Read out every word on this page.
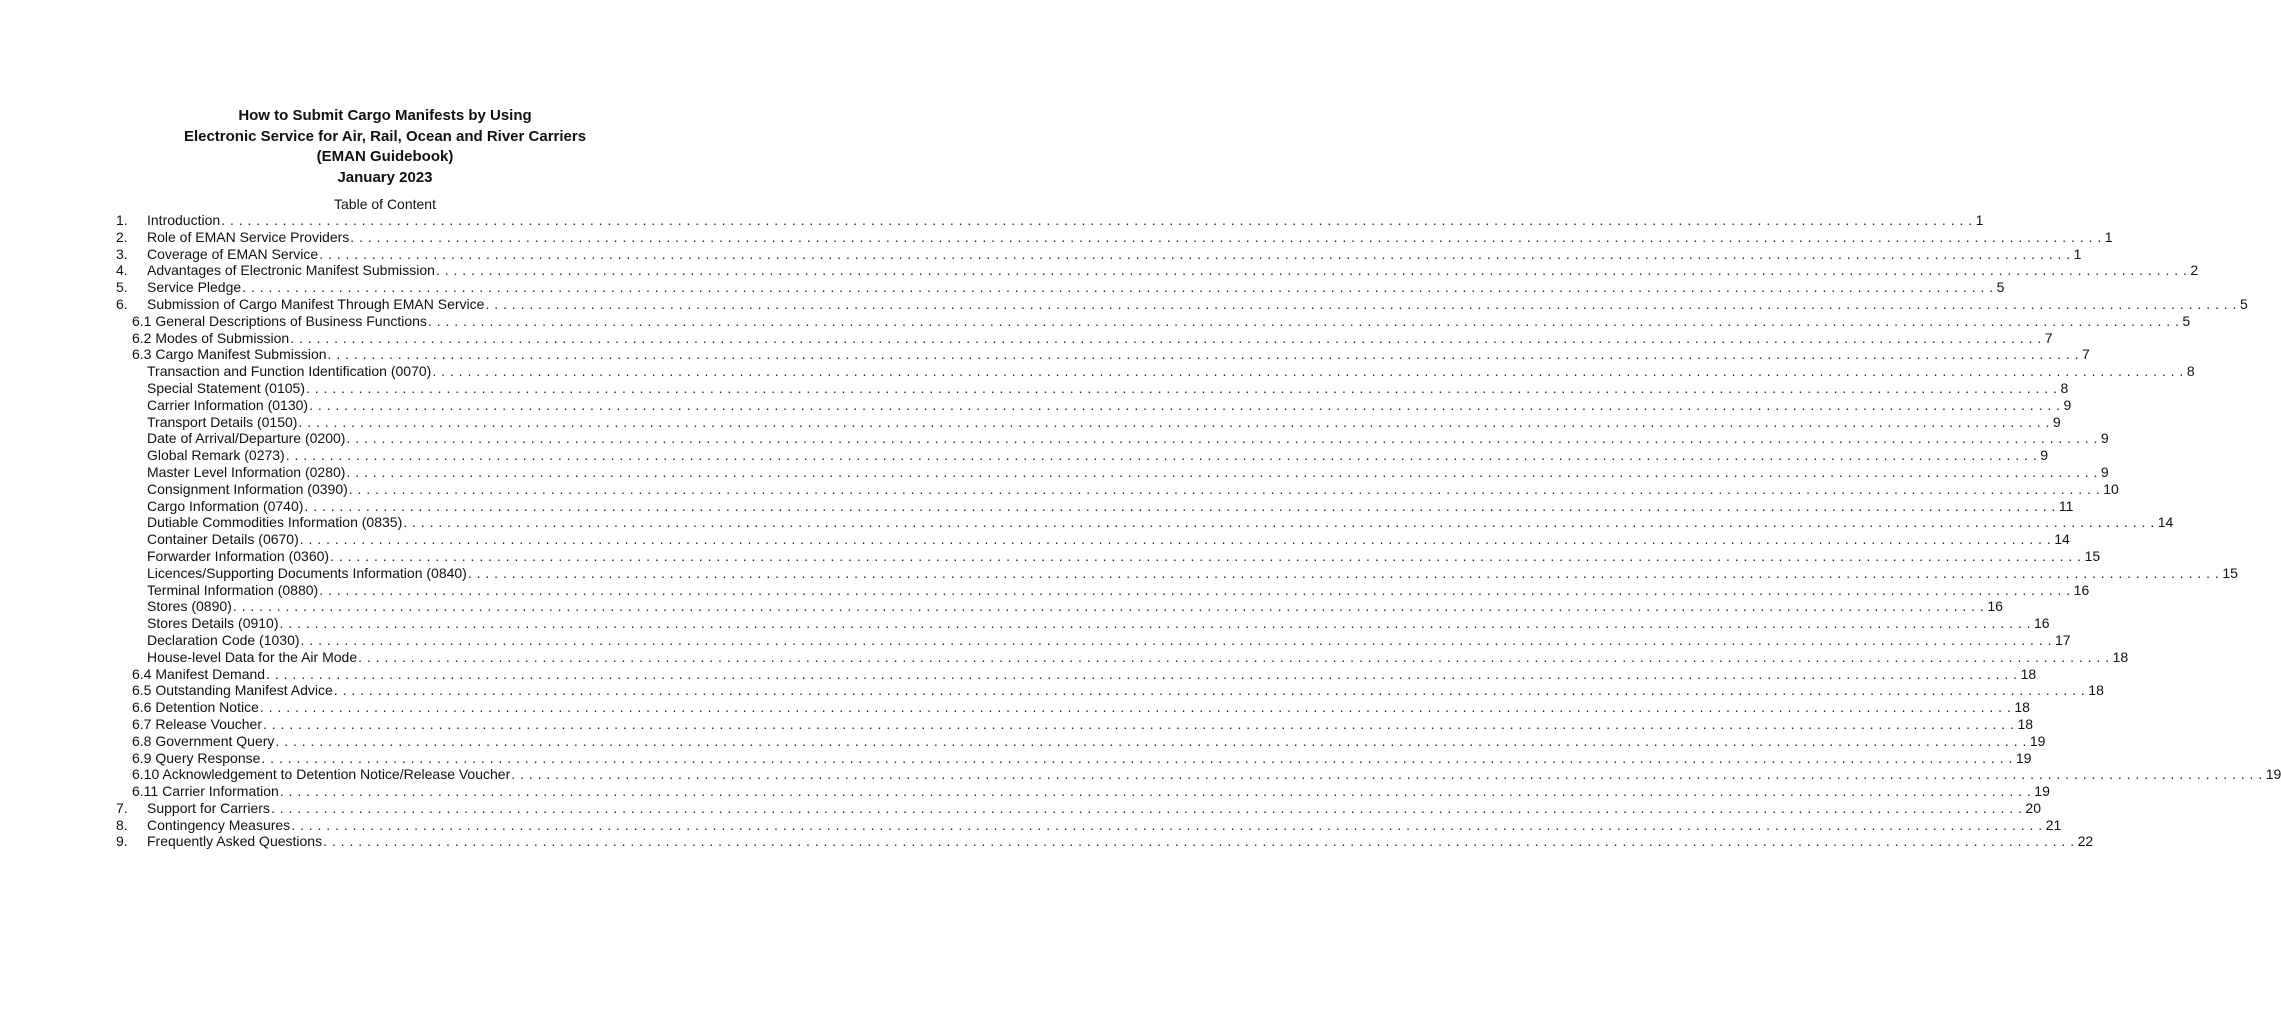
How to Submit Cargo Manifests by Using
Electronic Service for Air, Rail, Ocean and River Carriers
(EMAN Guidebook)
January 2023
Table of Content
1. Introduction . . . . . . . . . . . . . . . . . . . . . . . . . . . . . . . . . . . . . . . . . . . . . . . . . . . . . . . . . . . . . . . . . . . . . . . . . . . . . . . . . . . . . . . . . . . . . . . . . . . . . . . . . . . . . . . . . . . . . . . . . . . . . . . . . . . . . . . . . . . . . . . . . . . . . . . . . . . . . . . . . . . . . . . . . . . . . . . . . . . . . . . . . . . . . . . . . . . . . . . . 1
2. Role of EMAN Service Providers . . . . . . . . . . . . . . . . . . . . . . . . . . . . . . . . . . . . . . . . . . . . . . . . . . . . . . . . . . . . . . . . . . . . . . . . . . . . . . . . . . . . . . . . . . . . . . . . . . . . . . . . . . . . . . . . . . . . . . . . . . . . . . . . . . . . . . . . . . . . . . . . . . . . . . . . . . . . . . . . . . . . . . . . . . . . . . . . . . . . . . . . . . . . . . . . . . . . . . . . 1
3. Coverage of EMAN Service . . . . . . . . . . . . . . . . . . . . . . . . . . . . . . . . . . . . . . . . . . . . . . . . . . . . . . . . . . . . . . . . . . . . . . . . . . . . . . . . . . . . . . . . . . . . . . . . . . . . . . . . . . . . . . . . . . . . . . . . . . . . . . . . . . . . . . . . . . . . . . . . . . . . . . . . . . . . . . . . . . . . . . . . . . . . . . . . . . . . . . . . . . . . . . . . . . . . . . . . 1
4. Advantages of Electronic Manifest Submission . . . . . . . . . . . . . . . . . . . . . . . . . . . . . . . . . . . . . . . . . . . . . . . . . . . . . . . . . . . . . . . . . . . . . . . . . . . . . . . . . . . . . . . . . . . . . . . . . . . . . . . . . . . . . . . . . . . . . . . . . . . . . . . . . . . . . . . . . . . . . . . . . . . . . . . . . . . . . . . . . . . . . . . . . . . . . . . . . . . . . . . . . . . . . . . . . . . . . . . . 2
5. Service Pledge . . . . . . . . . . . . . . . . . . . . . . . . . . . . . . . . . . . . . . . . . . . . . . . . . . . . . . . . . . . . . . . . . . . . . . . . . . . . . . . . . . . . . . . . . . . . . . . . . . . . . . . . . . . . . . . . . . . . . . . . . . . . . . . . . . . . . . . . . . . . . . . . . . . . . . . . . . . . . . . . . . . . . . . . . . . . . . . . . . . . . . . . . . . . . . . . . . . . . . . . 5
6. Submission of Cargo Manifest Through EMAN Service . . . . . . . . . . . . . . . . . . . . . . . . . . . . . . . . . . . . . . . . . . . . . . . . . . . . . . . . . . . . . . . . . . . . . . . . . . . . . . . . . . . . . . . . . . . . . . . . . . . . . . . . . . . . . . . . . . . . . . . . . . . . . . . . . . . . . . . . . . . . . . . . . . . . . . . . . . . . . . . . . . . . . . . . . . . . . . . . . . . . . . . . . . . . . . . . . . . . . . . . 5
6.1 General Descriptions of Business Functions . . . . . . . . . . . . . . . . . . . . . . . . . . . . . . . . . . . . . . . . . . . . . . . . . . . . . . . . . . . . . . . . . . . . . . . . . . . . . . . . . . . . . . . . . . . . . . . . . . . . . . . . . . . . . . . . . . . . . . . . . . . . . . . . . . . . . . . . . . . . . . . . . . . . . . . . . . . . . . . . . . . . . . . . . . . . . . . . . . . . . . . . . . . . . . . . . . . . . . . . 5
6.2 Modes of Submission . . . . . . . . . . . . . . . . . . . . . . . . . . . . . . . . . . . . . . . . . . . . . . . . . . . . . . . . . . . . . . . . . . . . . . . . . . . . . . . . . . . . . . . . . . . . . . . . . . . . . . . . . . . . . . . . . . . . . . . . . . . . . . . . . . . . . . . . . . . . . . . . . . . . . . . . . . . . . . . . . . . . . . . . . . . . . . . . . . . . . . . . . . . . . . . . . . . . . . . . 7
6.3 Cargo Manifest Submission . . . . . . . . . . . . . . . . . . . . . . . . . . . . . . . . . . . . . . . . . . . . . . . . . . . . . . . . . . . . . . . . . . . . . . . . . . . . . . . . . . . . . . . . . . . . . . . . . . . . . . . . . . . . . . . . . . . . . . . . . . . . . . . . . . . . . . . . . . . . . . . . . . . . . . . . . . . . . . . . . . . . . . . . . . . . . . . . . . . . . . . . . . . . . . . . . . . . . . . . 7
Transaction and Function Identification (0070) . . . . . . . . . . . . . . . . . . . . . . . . . . . . . . . . . . . . . . . . . . . . . . . . . . . . . . . . . . . . . . . . . . . . . . . . . . . . . . . . . . . . . . . . . . . . . . . . . . . . . . . . . . . . . . . . . . . . . . . . . . . . . . . . . . . . . . . . . . . . . . . . . . . . . . . . . . . . . . . . . . . . . . . . . . . . . . . . . . . . . . . . . . . . . . . . . . . . . . . . 8
Special Statement (0105) . . . . . . . . . . . . . . . . . . . . . . . . . . . . . . . . . . . . . . . . . . . . . . . . . . . . . . . . . . . . . . . . . . . . . . . . . . . . . . . . . . . . . . . . . . . . . . . . . . . . . . . . . . . . . . . . . . . . . . . . . . . . . . . . . . . . . . . . . . . . . . . . . . . . . . . . . . . . . . . . . . . . . . . . . . . . . . . . . . . . . . . . . . . . . . . . . . . . . . . . 8
Carrier Information (0130) . . . . . . . . . . . . . . . . . . . . . . . . . . . . . . . . . . . . . . . . . . . . . . . . . . . . . . . . . . . . . . . . . . . . . . . . . . . . . . . . . . . . . . . . . . . . . . . . . . . . . . . . . . . . . . . . . . . . . . . . . . . . . . . . . . . . . . . . . . . . . . . . . . . . . . . . . . . . . . . . . . . . . . . . . . . . . . . . . . . . . . . . . . . . . . . . . . . . . . . . 9
Transport Details (0150) . . . . . . . . . . . . . . . . . . . . . . . . . . . . . . . . . . . . . . . . . . . . . . . . . . . . . . . . . . . . . . . . . . . . . . . . . . . . . . . . . . . . . . . . . . . . . . . . . . . . . . . . . . . . . . . . . . . . . . . . . . . . . . . . . . . . . . . . . . . . . . . . . . . . . . . . . . . . . . . . . . . . . . . . . . . . . . . . . . . . . . . . . . . . . . . . . . . . . . . . 9
Date of Arrival/Departure (0200) . . . . . . . . . . . . . . . . . . . . . . . . . . . . . . . . . . . . . . . . . . . . . . . . . . . . . . . . . . . . . . . . . . . . . . . . . . . . . . . . . . . . . . . . . . . . . . . . . . . . . . . . . . . . . . . . . . . . . . . . . . . . . . . . . . . . . . . . . . . . . . . . . . . . . . . . . . . . . . . . . . . . . . . . . . . . . . . . . . . . . . . . . . . . . . . . . . . . . . . . 9
Global Remark (0273) . . . . . . . . . . . . . . . . . . . . . . . . . . . . . . . . . . . . . . . . . . . . . . . . . . . . . . . . . . . . . . . . . . . . . . . . . . . . . . . . . . . . . . . . . . . . . . . . . . . . . . . . . . . . . . . . . . . . . . . . . . . . . . . . . . . . . . . . . . . . . . . . . . . . . . . . . . . . . . . . . . . . . . . . . . . . . . . . . . . . . . . . . . . . . . . . . . . . . . . . 9
Master Level Information (0280) . . . . . . . . . . . . . . . . . . . . . . . . . . . . . . . . . . . . . . . . . . . . . . . . . . . . . . . . . . . . . . . . . . . . . . . . . . . . . . . . . . . . . . . . . . . . . . . . . . . . . . . . . . . . . . . . . . . . . . . . . . . . . . . . . . . . . . . . . . . . . . . . . . . . . . . . . . . . . . . . . . . . . . . . . . . . . . . . . . . . . . . . . . . . . . . . . . . . . . . . 9
Consignment Information (0390) . . . . . . . . . . . . . . . . . . . . . . . . . . . . . . . . . . . . . . . . . . . . . . . . . . . . . . . . . . . . . . . . . . . . . . . . . . . . . . . . . . . . . . . . . . . . . . . . . . . . . . . . . . . . . . . . . . . . . . . . . . . . . . . . . . . . . . . . . . . . . . . . . . . . . . . . . . . . . . . . . . . . . . . . . . . . . . . . . . . . . . . . . . . . . . . . . . . . . . . . 10
Cargo Information (0740) . . . . . . . . . . . . . . . . . . . . . . . . . . . . . . . . . . . . . . . . . . . . . . . . . . . . . . . . . . . . . . . . . . . . . . . . . . . . . . . . . . . . . . . . . . . . . . . . . . . . . . . . . . . . . . . . . . . . . . . . . . . . . . . . . . . . . . . . . . . . . . . . . . . . . . . . . . . . . . . . . . . . . . . . . . . . . . . . . . . . . . . . . . . . . . . . . . . . . . . . 11
Dutiable Commodities Information (0835) . . . . . . . . . . . . . . . . . . . . . . . . . . . . . . . . . . . . . . . . . . . . . . . . . . . . . . . . . . . . . . . . . . . . . . . . . . . . . . . . . . . . . . . . . . . . . . . . . . . . . . . . . . . . . . . . . . . . . . . . . . . . . . . . . . . . . . . . . . . . . . . . . . . . . . . . . . . . . . . . . . . . . . . . . . . . . . . . . . . . . . . . . . . . . . . . . . . . . . . . 14
Container Details (0670) . . . . . . . . . . . . . . . . . . . . . . . . . . . . . . . . . . . . . . . . . . . . . . . . . . . . . . . . . . . . . . . . . . . . . . . . . . . . . . . . . . . . . . . . . . . . . . . . . . . . . . . . . . . . . . . . . . . . . . . . . . . . . . . . . . . . . . . . . . . . . . . . . . . . . . . . . . . . . . . . . . . . . . . . . . . . . . . . . . . . . . . . . . . . . . . . . . . . . . . . 14
Forwarder Information (0360) . . . . . . . . . . . . . . . . . . . . . . . . . . . . . . . . . . . . . . . . . . . . . . . . . . . . . . . . . . . . . . . . . . . . . . . . . . . . . . . . . . . . . . . . . . . . . . . . . . . . . . . . . . . . . . . . . . . . . . . . . . . . . . . . . . . . . . . . . . . . . . . . . . . . . . . . . . . . . . . . . . . . . . . . . . . . . . . . . . . . . . . . . . . . . . . . . . . . . . . . 15
Licences/Supporting Documents Information (0840) . . . . . . . . . . . . . . . . . . . . . . . . . . . . . . . . . . . . . . . . . . . . . . . . . . . . . . . . . . . . . . . . . . . . . . . . . . . . . . . . . . . . . . . . . . . . . . . . . . . . . . . . . . . . . . . . . . . . . . . . . . . . . . . . . . . . . . . . . . . . . . . . . . . . . . . . . . . . . . . . . . . . . . . . . . . . . . . . . . . . . . . . . . . . . . . . . . . . . . . . 15
Terminal Information (0880) . . . . . . . . . . . . . . . . . . . . . . . . . . . . . . . . . . . . . . . . . . . . . . . . . . . . . . . . . . . . . . . . . . . . . . . . . . . . . . . . . . . . . . . . . . . . . . . . . . . . . . . . . . . . . . . . . . . . . . . . . . . . . . . . . . . . . . . . . . . . . . . . . . . . . . . . . . . . . . . . . . . . . . . . . . . . . . . . . . . . . . . . . . . . . . . . . . . . . . . . 16
Stores (0890) . . . . . . . . . . . . . . . . . . . . . . . . . . . . . . . . . . . . . . . . . . . . . . . . . . . . . . . . . . . . . . . . . . . . . . . . . . . . . . . . . . . . . . . . . . . . . . . . . . . . . . . . . . . . . . . . . . . . . . . . . . . . . . . . . . . . . . . . . . . . . . . . . . . . . . . . . . . . . . . . . . . . . . . . . . . . . . . . . . . . . . . . . . . . . . . . . . . . . . . . 16
Stores Details (0910) . . . . . . . . . . . . . . . . . . . . . . . . . . . . . . . . . . . . . . . . . . . . . . . . . . . . . . . . . . . . . . . . . . . . . . . . . . . . . . . . . . . . . . . . . . . . . . . . . . . . . . . . . . . . . . . . . . . . . . . . . . . . . . . . . . . . . . . . . . . . . . . . . . . . . . . . . . . . . . . . . . . . . . . . . . . . . . . . . . . . . . . . . . . . . . . . . . . . . . . . 16
Declaration Code (1030) . . . . . . . . . . . . . . . . . . . . . . . . . . . . . . . . . . . . . . . . . . . . . . . . . . . . . . . . . . . . . . . . . . . . . . . . . . . . . . . . . . . . . . . . . . . . . . . . . . . . . . . . . . . . . . . . . . . . . . . . . . . . . . . . . . . . . . . . . . . . . . . . . . . . . . . . . . . . . . . . . . . . . . . . . . . . . . . . . . . . . . . . . . . . . . . . . . . . . . . . 17
House-level Data for the Air Mode . . . . . . . . . . . . . . . . . . . . . . . . . . . . . . . . . . . . . . . . . . . . . . . . . . . . . . . . . . . . . . . . . . . . . . . . . . . . . . . . . . . . . . . . . . . . . . . . . . . . . . . . . . . . . . . . . . . . . . . . . . . . . . . . . . . . . . . . . . . . . . . . . . . . . . . . . . . . . . . . . . . . . . . . . . . . . . . . . . . . . . . . . . . . . . . . . . . . . . . . 18
6.4 Manifest Demand . . . . . . . . . . . . . . . . . . . . . . . . . . . . . . . . . . . . . . . . . . . . . . . . . . . . . . . . . . . . . . . . . . . . . . . . . . . . . . . . . . . . . . . . . . . . . . . . . . . . . . . . . . . . . . . . . . . . . . . . . . . . . . . . . . . . . . . . . . . . . . . . . . . . . . . . . . . . . . . . . . . . . . . . . . . . . . . . . . . . . . . . . . . . . . . . . . . . . . . . 18
6.5 Outstanding Manifest Advice . . . . . . . . . . . . . . . . . . . . . . . . . . . . . . . . . . . . . . . . . . . . . . . . . . . . . . . . . . . . . . . . . . . . . . . . . . . . . . . . . . . . . . . . . . . . . . . . . . . . . . . . . . . . . . . . . . . . . . . . . . . . . . . . . . . . . . . . . . . . . . . . . . . . . . . . . . . . . . . . . . . . . . . . . . . . . . . . . . . . . . . . . . . . . . . . . . . . . . . . 18
6.6 Detention Notice . . . . . . . . . . . . . . . . . . . . . . . . . . . . . . . . . . . . . . . . . . . . . . . . . . . . . . . . . . . . . . . . . . . . . . . . . . . . . . . . . . . . . . . . . . . . . . . . . . . . . . . . . . . . . . . . . . . . . . . . . . . . . . . . . . . . . . . . . . . . . . . . . . . . . . . . . . . . . . . . . . . . . . . . . . . . . . . . . . . . . . . . . . . . . . . . . . . . . . . . 18
6.7 Release Voucher . . . . . . . . . . . . . . . . . . . . . . . . . . . . . . . . . . . . . . . . . . . . . . . . . . . . . . . . . . . . . . . . . . . . . . . . . . . . . . . . . . . . . . . . . . . . . . . . . . . . . . . . . . . . . . . . . . . . . . . . . . . . . . . . . . . . . . . . . . . . . . . . . . . . . . . . . . . . . . . . . . . . . . . . . . . . . . . . . . . . . . . . . . . . . . . . . . . . . . . . 18
6.8 Government Query . . . . . . . . . . . . . . . . . . . . . . . . . . . . . . . . . . . . . . . . . . . . . . . . . . . . . . . . . . . . . . . . . . . . . . . . . . . . . . . . . . . . . . . . . . . . . . . . . . . . . . . . . . . . . . . . . . . . . . . . . . . . . . . . . . . . . . . . . . . . . . . . . . . . . . . . . . . . . . . . . . . . . . . . . . . . . . . . . . . . . . . . . . . . . . . . . . . . . . . . 19
6.9 Query Response . . . . . . . . . . . . . . . . . . . . . . . . . . . . . . . . . . . . . . . . . . . . . . . . . . . . . . . . . . . . . . . . . . . . . . . . . . . . . . . . . . . . . . . . . . . . . . . . . . . . . . . . . . . . . . . . . . . . . . . . . . . . . . . . . . . . . . . . . . . . . . . . . . . . . . . . . . . . . . . . . . . . . . . . . . . . . . . . . . . . . . . . . . . . . . . . . . . . . . . . 19
6.10 Acknowledgement to Detention Notice/Release Voucher . . . . . . . . . . . . . . . . . . . . . . . . . . . . . . . . . . . . . . . . . . . . . . . . . . . . . . . . . . . . . . . . . . . . . . . . . . . . . . . . . . . . . . . . . . . . . . . . . . . . . . . . . . . . . . . . . . . . . . . . . . . . . . . . . . . . . . . . . . . . . . . . . . . . . . . . . . . . . . . . . . . . . . . . . . . . . . . . . . . . . . . . . . . . . . . . . . . . . . . . 19
6.11 Carrier Information . . . . . . . . . . . . . . . . . . . . . . . . . . . . . . . . . . . . . . . . . . . . . . . . . . . . . . . . . . . . . . . . . . . . . . . . . . . . . . . . . . . . . . . . . . . . . . . . . . . . . . . . . . . . . . . . . . . . . . . . . . . . . . . . . . . . . . . . . . . . . . . . . . . . . . . . . . . . . . . . . . . . . . . . . . . . . . . . . . . . . . . . . . . . . . . . . . . . . . . . 19
7. Support for Carriers . . . . . . . . . . . . . . . . . . . . . . . . . . . . . . . . . . . . . . . . . . . . . . . . . . . . . . . . . . . . . . . . . . . . . . . . . . . . . . . . . . . . . . . . . . . . . . . . . . . . . . . . . . . . . . . . . . . . . . . . . . . . . . . . . . . . . . . . . . . . . . . . . . . . . . . . . . . . . . . . . . . . . . . . . . . . . . . . . . . . . . . . . . . . . . . . . . . . . . . . 20
8. Contingency Measures . . . . . . . . . . . . . . . . . . . . . . . . . . . . . . . . . . . . . . . . . . . . . . . . . . . . . . . . . . . . . . . . . . . . . . . . . . . . . . . . . . . . . . . . . . . . . . . . . . . . . . . . . . . . . . . . . . . . . . . . . . . . . . . . . . . . . . . . . . . . . . . . . . . . . . . . . . . . . . . . . . . . . . . . . . . . . . . . . . . . . . . . . . . . . . . . . . . . . . . . 21
9. Frequently Asked Questions . . . . . . . . . . . . . . . . . . . . . . . . . . . . . . . . . . . . . . . . . . . . . . . . . . . . . . . . . . . . . . . . . . . . . . . . . . . . . . . . . . . . . . . . . . . . . . . . . . . . . . . . . . . . . . . . . . . . . . . . . . . . . . . . . . . . . . . . . . . . . . . . . . . . . . . . . . . . . . . . . . . . . . . . . . . . . . . . . . . . . . . . . . . . . . . . . . . . . . . . 22
